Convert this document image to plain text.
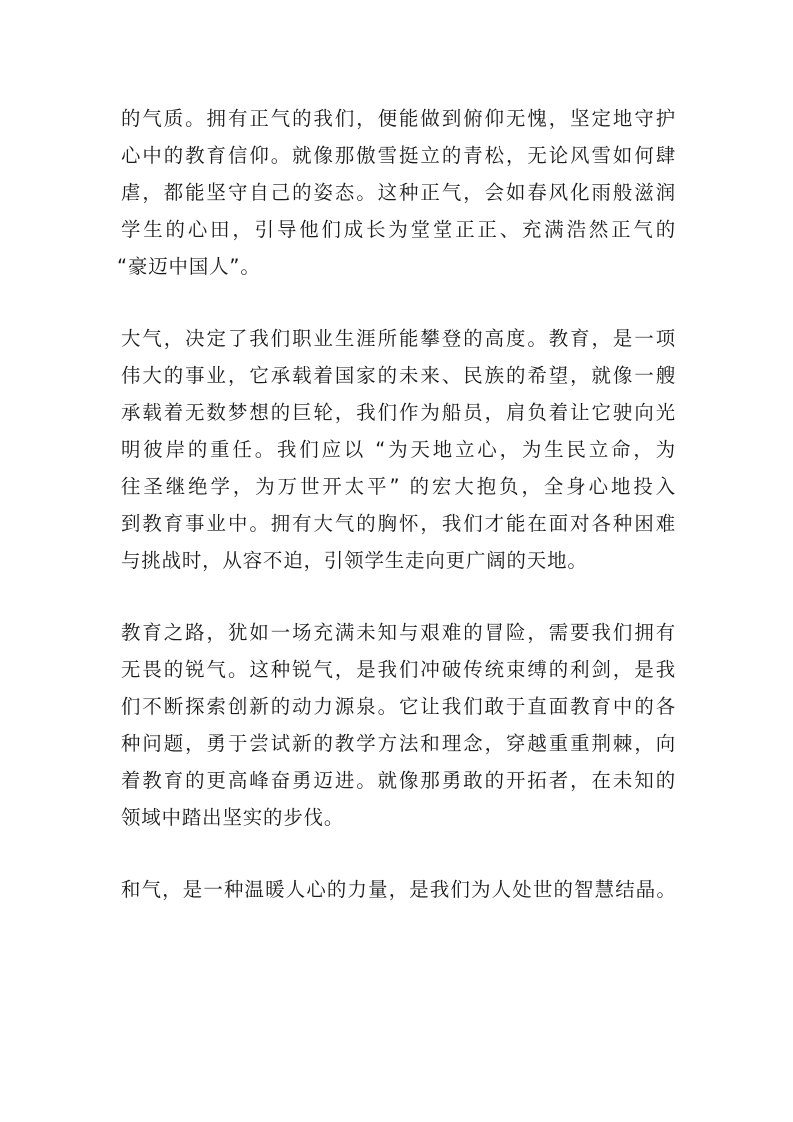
的气质。拥有正气的我们，便能做到俯仰无愧，坚定地守护
心中的教育信仰。就像那傲雪挺立的青松，无论风雪如何肆
虐，都能坚守自己的姿态。这种正气，会如春风化雨般滋润
学生的心田，引导他们成长为堂堂正正、充满浩然正气的
“豪迈中国人”。
大气，决定了我们职业生涯所能攀登的高度。教育，是一项
伟大的事业，它承载着国家的未来、民族的希望，就像一艘
承载着无数梦想的巨轮，我们作为船员，肩负着让它驶向光
明彼岸的重任。我们应以 “为天地立心，为生民立命，为
往圣继绝学，为万世开太平” 的宏大抱负，全身心地投入
到教育事业中。拥有大气的胸怀，我们才能在面对各种困难
与挑战时，从容不迫，引领学生走向更广阔的天地。
教育之路，犹如一场充满未知与艰难的冒险，需要我们拥有
无畏的锐气。这种锐气，是我们冲破传统束缚的利剑，是我
们不断探索创新的动力源泉。它让我们敢于直面教育中的各
种问题，勇于尝试新的教学方法和理念，穿越重重荆棘，向
着教育的更高峰奋勇迈进。就像那勇敢的开拓者，在未知的
领域中踏出坚实的步伐。
和气，是一种温暖人心的力量，是我们为人处世的智慧结晶。
